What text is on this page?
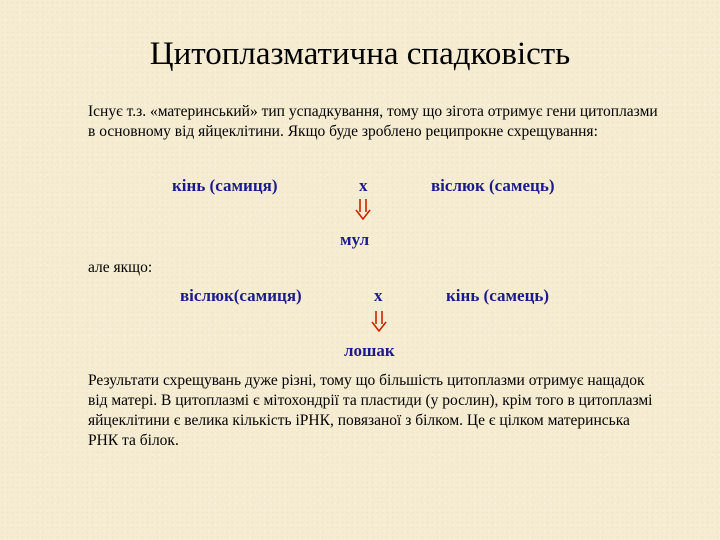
Цитоплазматична спадковість
Існує т.з. «материнський» тип успадкування, тому що зігота отримує гени цитоплазми в основному від яйцеклітини. Якщо буде зроблено реципрокне схрещування:
кінь (самиця)	х	віслюк (самець)
мул
але якщо:
віслюк(самиця)	х	кінь (самець)
лошак
Результати схрещувань дуже різні, тому що більшість цитоплазми отримує нащадок від матері. В цитоплазмі є мітохондрії та пластиди (у рослин), крім того в цитоплазмі яйцеклітини є велика кількість іРНК, повязаної з білком. Це є цілком материнська РНК та білок.
